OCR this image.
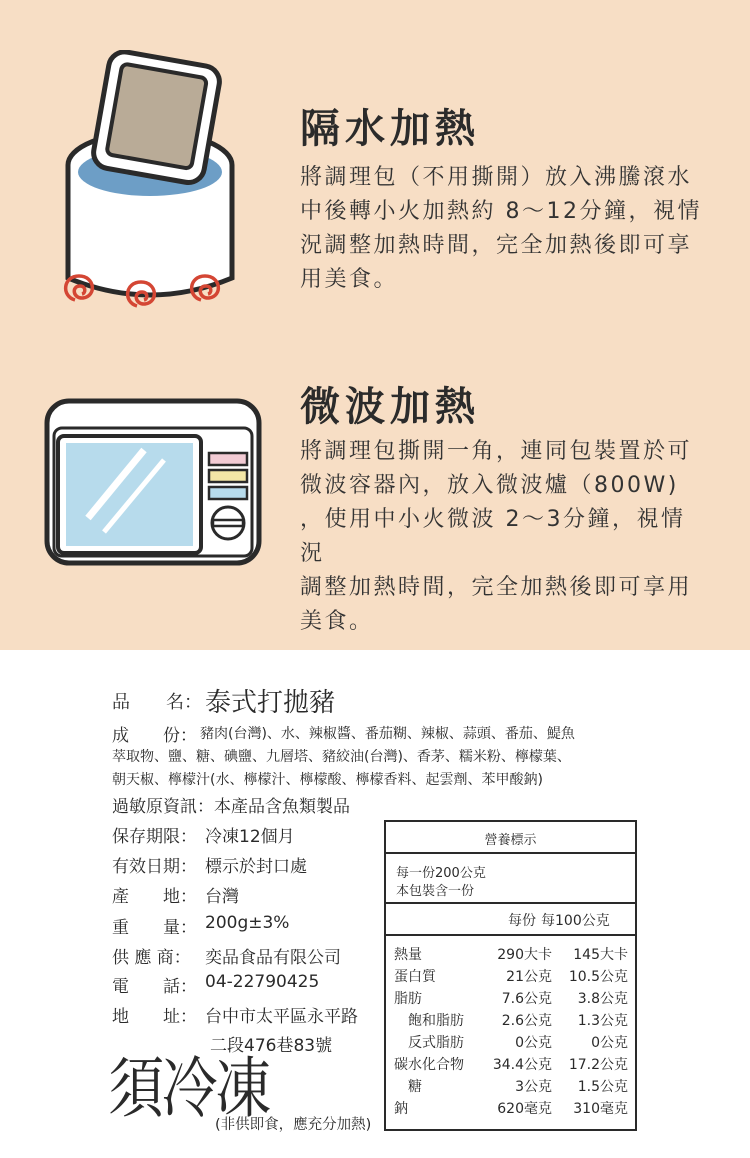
隔水加熱
將調理包（不用撕開）放入沸騰滾水
中後轉小火加熱約 8～12分鐘，視情
況調整加熱時間，完全加熱後即可享
用美食。
微波加熱
將調理包撕開一角，連同包裝置於可
微波容器內，放入微波爐（800W)
，使用中小火微波 2～3分鐘，視情況
調整加熱時間，完全加熱後即可享用
美食。
品　　名： 泰式打拋豬
成　　份： 豬肉(台灣)、水、辣椒醬、番茄糊、辣椒、蒜頭、番茄、鯷魚
萃取物、鹽、糖、碘鹽、九層塔、豬絞油(台灣)、香茅、糯米粉、檸檬葉、
朝天椒、檸檬汁(水、檸檬汁、檸檬酸、檸檬香料、起雲劑、苯甲酸鈉)
過敏原資訊：本產品含魚類製品
保存期限： 冷凍12個月
有效日期： 標示於封口處
產　　地： 台灣
重　　量： 200g±3%
供 應 商： 奕品食品有限公司
電　　話： 04-22790425
地　　址： 台中市太平區永平路
二段476巷83號
須冷凍
(非供即食，應充分加熱)
營養標示
每一份200公克
本包裝含一份
每份 每100公克
熱量	290大卡	145大卡
蛋白質	21公克	10.5公克
脂肪	7.6公克	3.8公克
飽和脂肪	2.6公克	1.3公克
反式脂肪	0公克	0公克
碳水化合物	34.4公克	17.2公克
糖	3公克	1.5公克
鈉	620毫克	310毫克
